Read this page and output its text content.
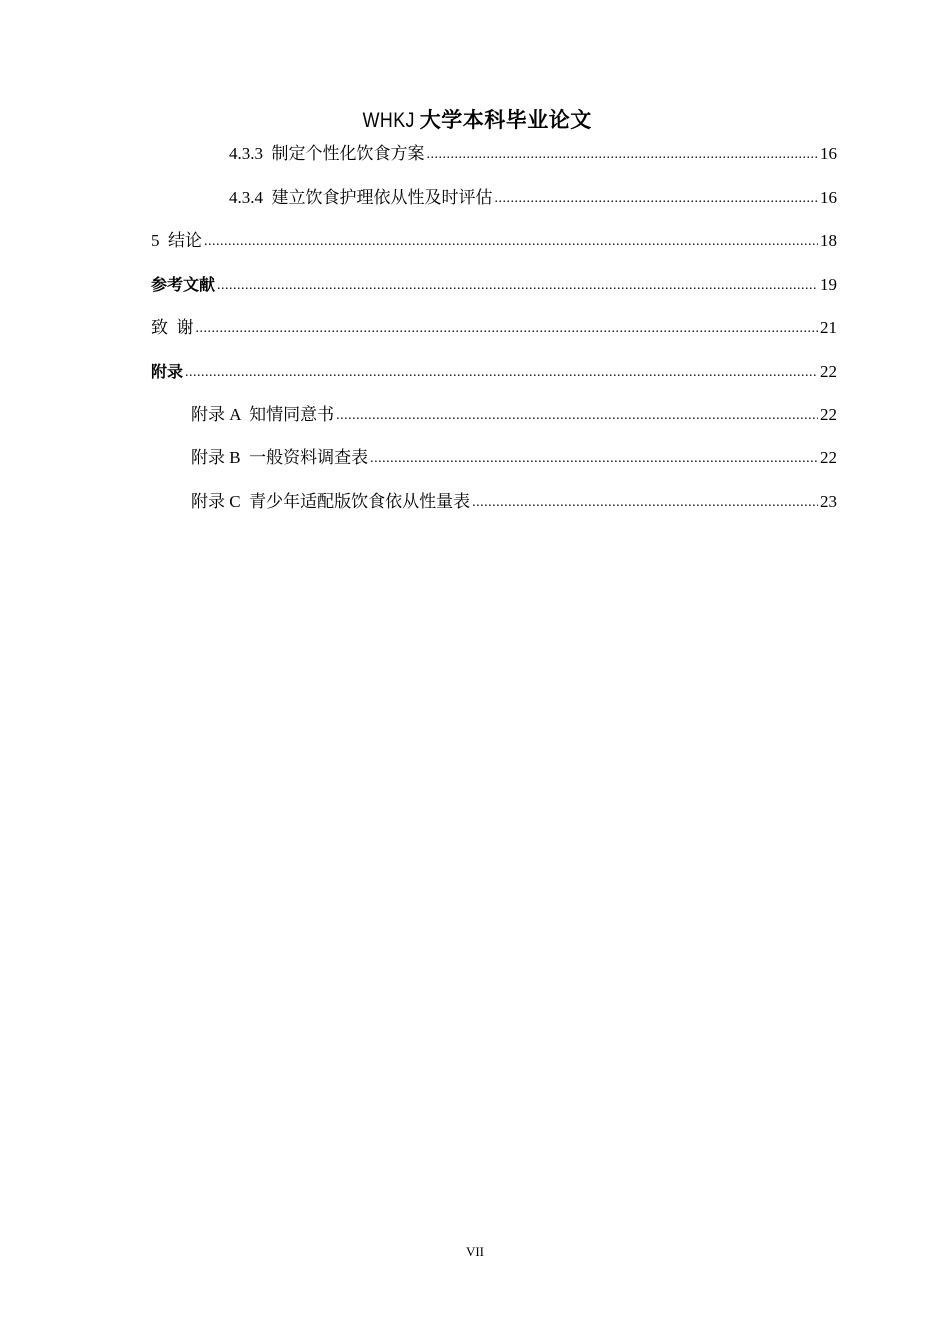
WHKJ 大学本科毕业论文
4.3.3  制定个性化饮食方案 .....	16
4.3.4  建立饮食护理依从性及时评估 .....	16
5  结论 .....	18
参考文献 .....	19
致  谢 .....	21
附录 .....	22
附录 A  知情同意书 .....	22
附录 B  一般资料调查表 .....	22
附录 C  青少年适配版饮食依从性量表 .....	23
VII
